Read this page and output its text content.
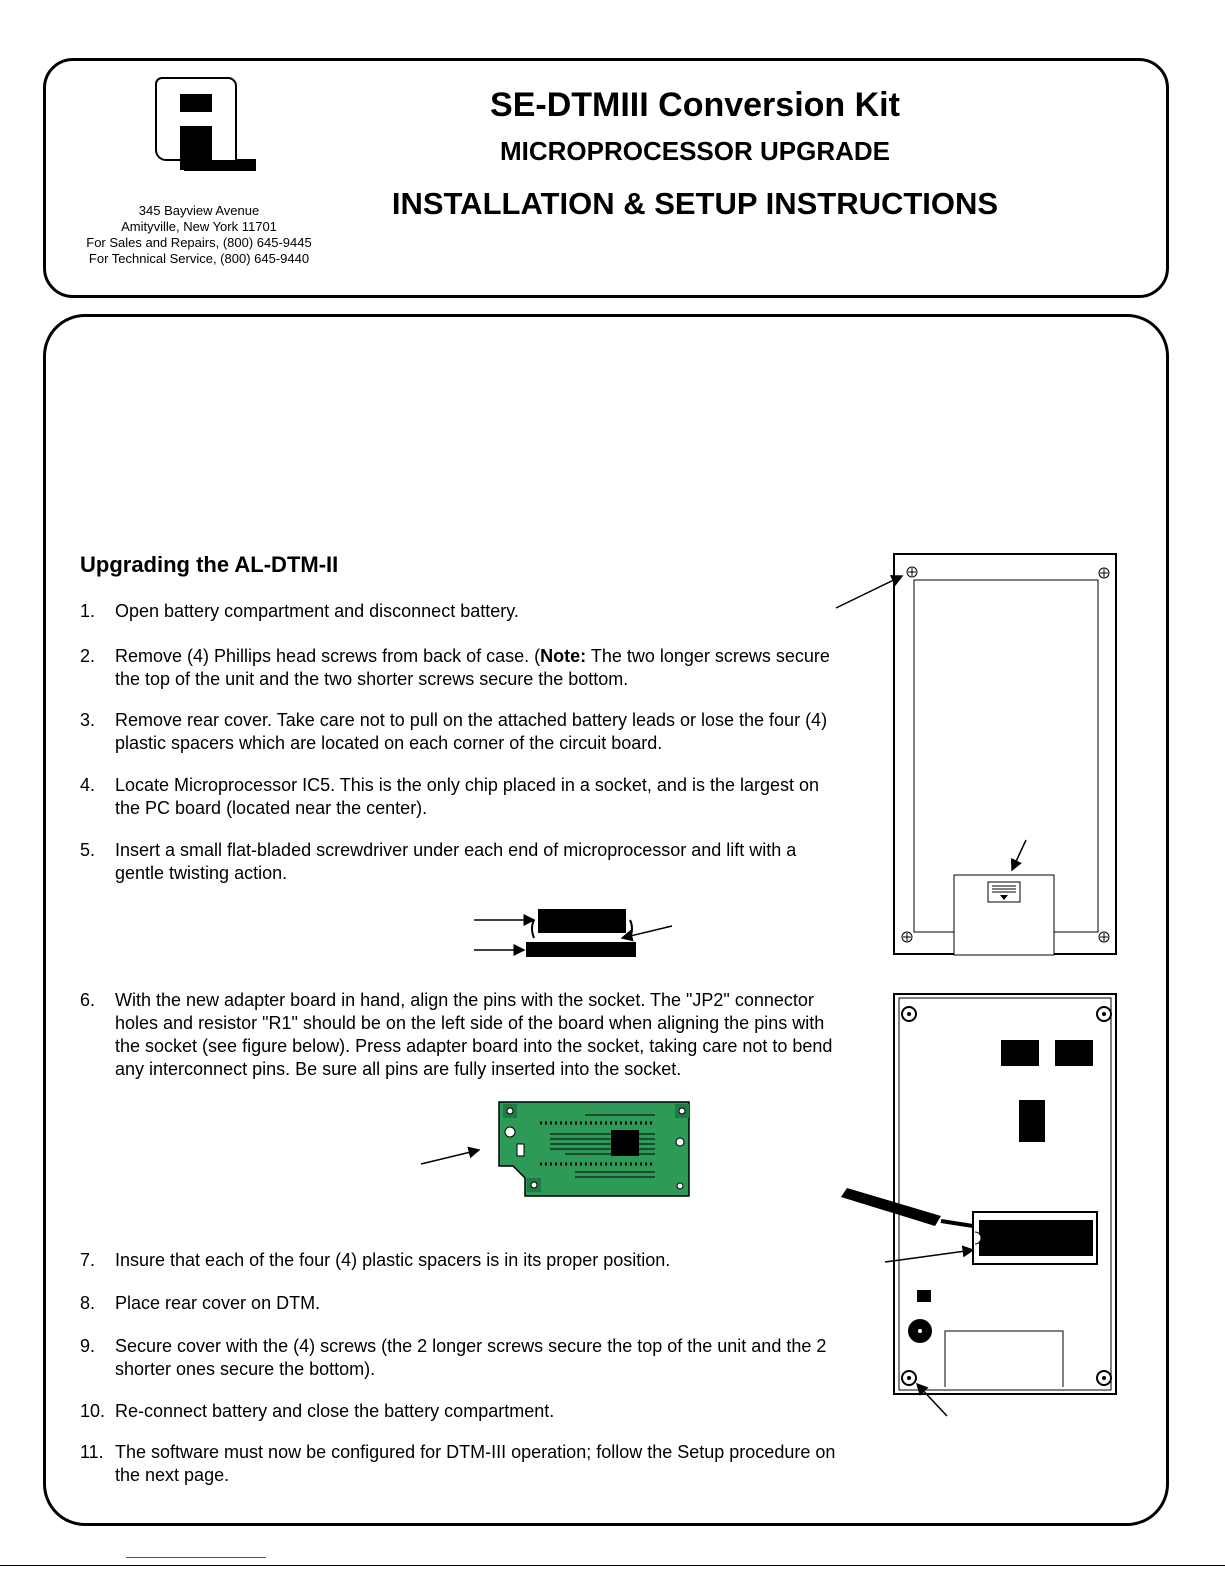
345 Bayview Avenue
Amityville, New York 11701
For Sales and Repairs, (800) 645-9445
For Technical Service, (800) 645-9440
SE-DTMIII Conversion Kit
MICROPROCESSOR UPGRADE
INSTALLATION & SETUP INSTRUCTIONS
Upgrading the AL-DTM-II
1. Open battery compartment and disconnect battery.
2. Remove (4) Phillips head screws from back of case. (Note: The two longer screws secure the top of the unit and the two shorter screws secure the bottom.
3. Remove rear cover. Take care not to pull on the attached battery leads or lose the four (4) plastic spacers which are located on each corner of the circuit board.
4. Locate Microprocessor IC5. This is the only chip placed in a socket, and is the largest on the PC board (located near the center).
5. Insert a small flat-bladed screwdriver under each end of microprocessor and lift with a gentle twisting action.
6. With the new adapter board in hand, align the pins with the socket. The "JP2" connector holes and resistor "R1" should be on the left side of the board when aligning the pins with the socket (see figure below). Press adapter board into the socket, taking care not to bend any interconnect pins. Be sure all pins are fully inserted into the socket.
7. Insure that each of the four (4) plastic spacers is in its proper position.
8. Place rear cover on DTM.
9. Secure cover with the (4) screws (the 2 longer screws secure the top of the unit and the 2 shorter ones secure the bottom).
10. Re-connect battery and close the battery compartment.
11. The software must now be configured for DTM-III operation; follow the Setup procedure on the next page.
